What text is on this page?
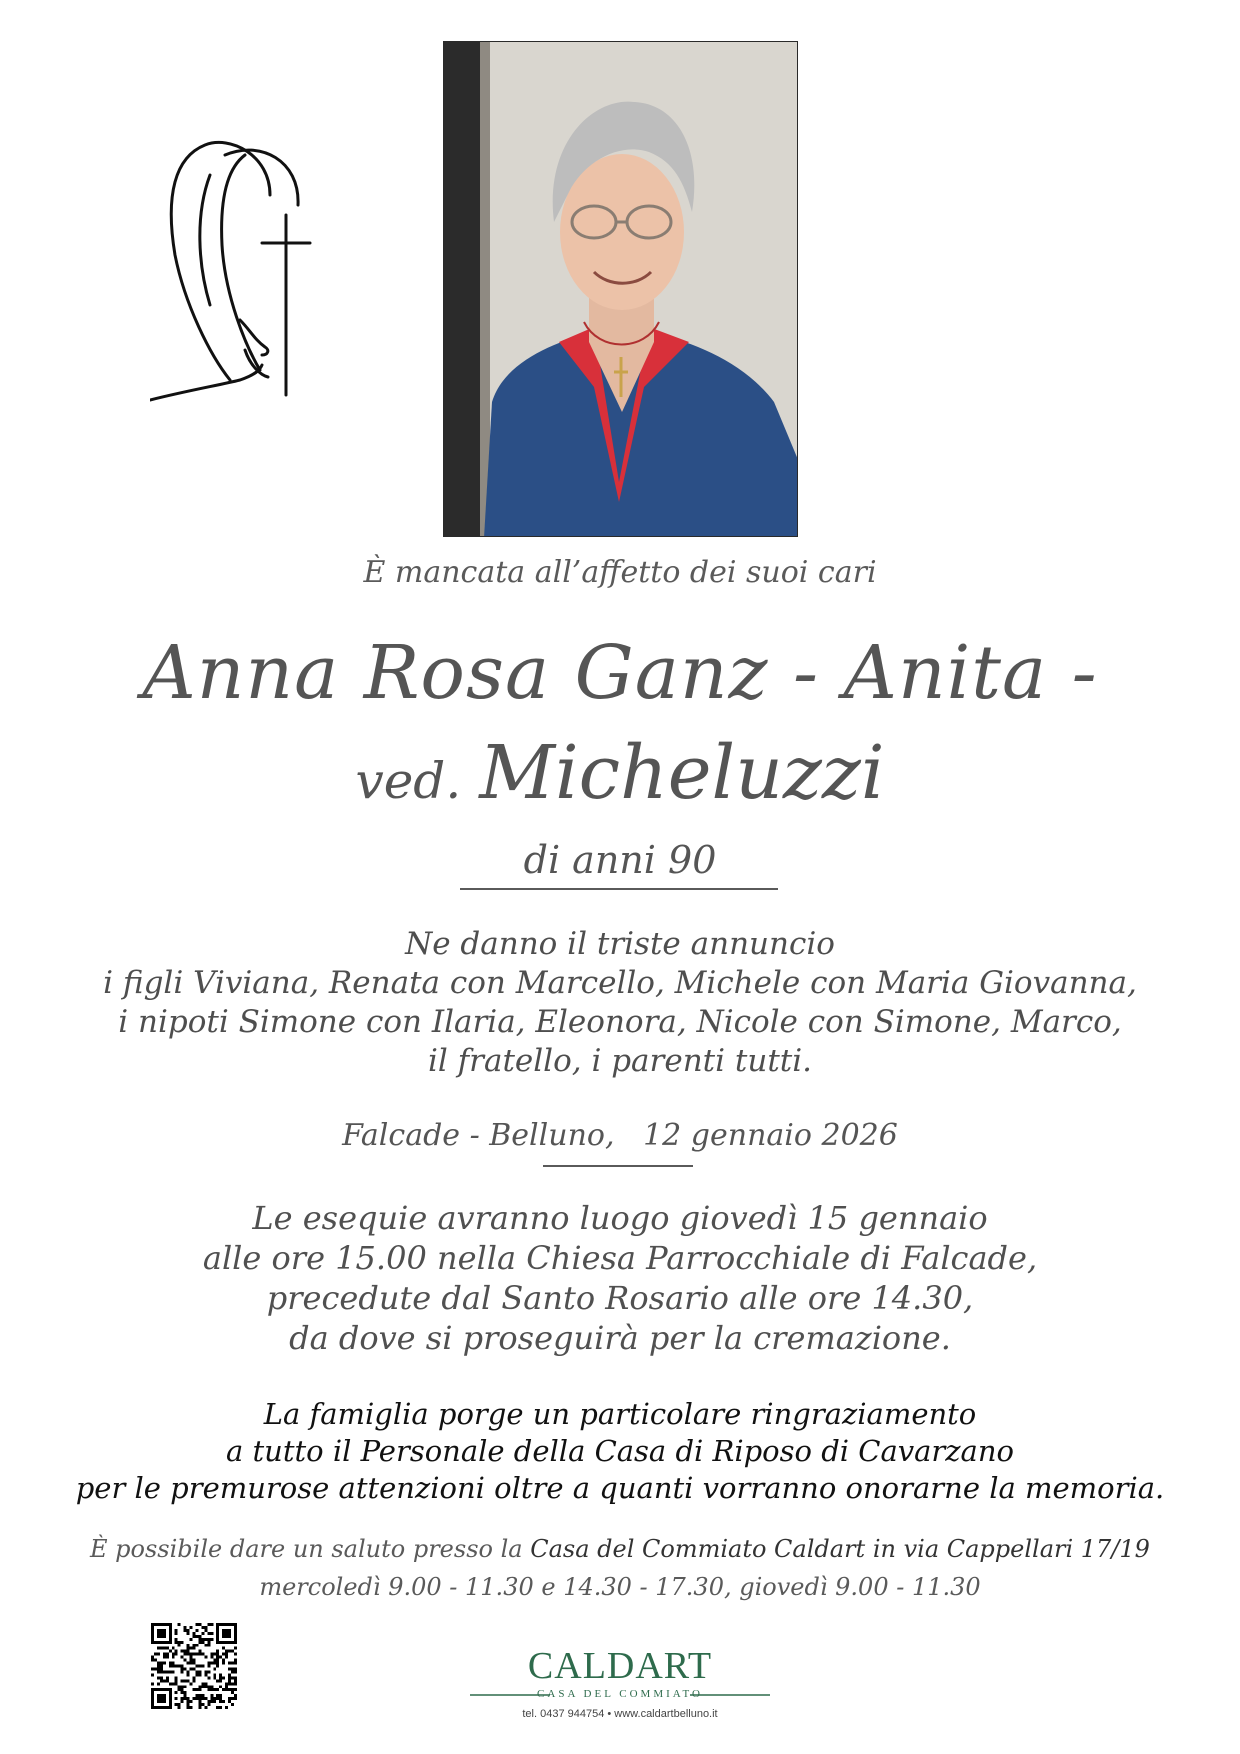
È mancata all’affetto dei suoi cari
Anna Rosa Ganz - Anita -
ved. Micheluzzi
di anni 90
Ne danno il triste annuncio
i figli Viviana, Renata con Marcello, Michele con Maria Giovanna,
i nipoti Simone con Ilaria, Eleonora, Nicole con Simone, Marco,
il fratello, i parenti tutti.
Falcade - Belluno,   12 gennaio 2026
Le esequie avranno luogo giovedì 15 gennaio
alle ore 15.00 nella Chiesa Parrocchiale di Falcade,
precedute dal Santo Rosario alle ore 14.30,
da dove si proseguirà per la cremazione.
La famiglia porge un particolare ringraziamento
a tutto il Personale della Casa di Riposo di Cavarzano
per le premurose attenzioni oltre a quanti vorranno onorarne la memoria.
È possibile dare un saluto presso la Casa del Commiato Caldart in via Cappellari 17/19
mercoledì 9.00 - 11.30 e 14.30 - 17.30, giovedì 9.00 - 11.30
CALDART
CASA DEL COMMIATO
tel. 0437 944754 • www.caldartbelluno.it
